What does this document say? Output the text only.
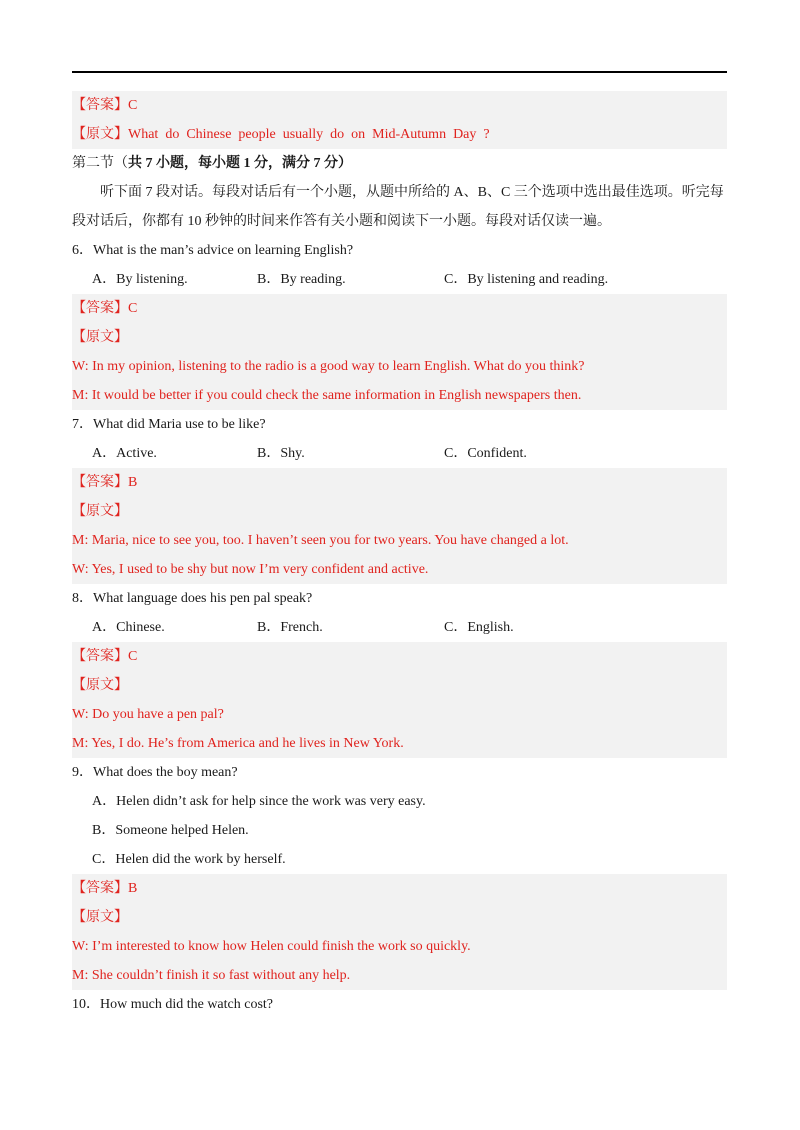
【答案】C
【原文】What  do  Chinese  people  usually  do  on  Mid-Autumn  Day  ?
第二节（共 7 小题，每小题 1 分，满分 7 分）
听下面 7 段对话。每段对话后有一个小题，从题中所给的 A、B、C 三个选项中选出最佳选项。听完每
段对话后，你都有 10 秒钟的时间来作答有关小题和阅读下一小题。每段对话仅读一遍。
6．What is the man’s advice on learning English?
A．By listening.	B．By reading.	C．By listening and reading.
【答案】C
【原文】
W: In my opinion, listening to the radio is a good way to learn English. What do you think?
M: It would be better if you could check the same information in English newspapers then.
7．What did Maria use to be like?
A．Active.	B．Shy.	C．Confident.
【答案】B
【原文】
M: Maria, nice to see you, too. I haven’t seen you for two years. You have changed a lot.
W: Yes, I used to be shy but now I’m very confident and active.
8．What language does his pen pal speak?
A．Chinese.	B．French.	C．English.
【答案】C
【原文】
W: Do you have a pen pal?
M: Yes, I do. He’s from America and he lives in New York.
9．What does the boy mean?
A．Helen didn’t ask for help since the work was very easy.
B．Someone helped Helen.
C．Helen did the work by herself.
【答案】B
【原文】
W: I’m interested to know how Helen could finish the work so quickly.
M: She couldn’t finish it so fast without any help.
10．How much did the watch cost?
